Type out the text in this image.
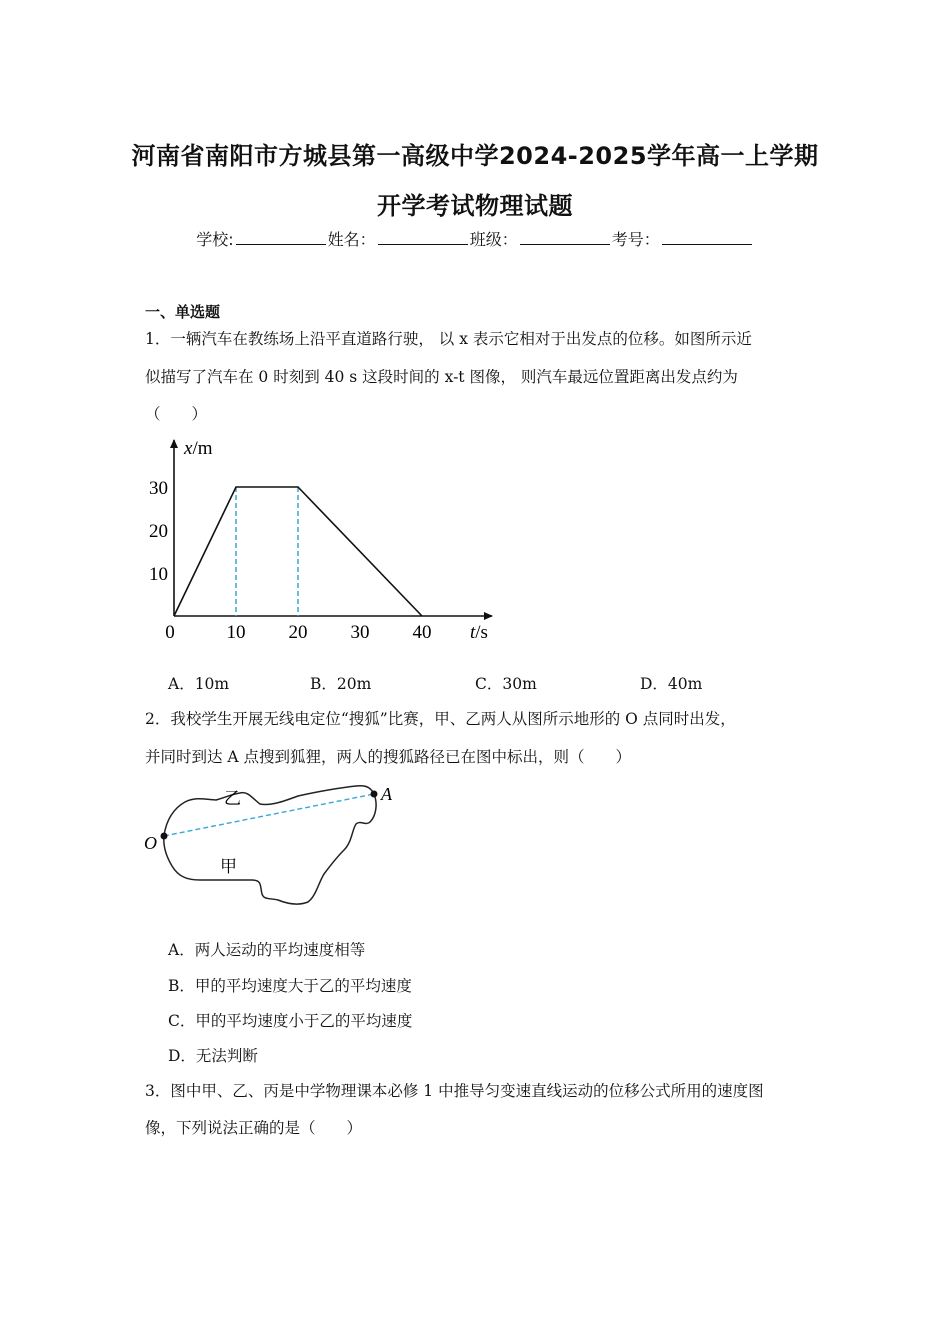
河南省南阳市方城县第一高级中学2024-2025学年高一上学期
开学考试物理试题
学校:	姓名：	班级：	考号：
一、单选题
1．一辆汽车在教练场上沿平直道路行驶， 以 x 表示它相对于出发点的位移。如图所示近
似描写了汽车在 0 时刻到 40 s 这段时间的 x-t 图像， 则汽车最远位置距离出发点约为
（　　）
10
20
30
0	10 20 30 40
x/m
t/s
A．10m	B．20m	C．30m	D．40m
2．我校学生开展无线电定位“搜狐”比赛，甲、乙两人从图所示地形的 O 点同时出发，
并同时到达 A 点搜到狐狸，两人的搜狐路径已在图中标出，则（　　）
O
A
乙
甲
A．两人运动的平均速度相等
B．甲的平均速度大于乙的平均速度
C．甲的平均速度小于乙的平均速度
D．无法判断
3．图中甲、乙、丙是中学物理课本必修 1 中推导匀变速直线运动的位移公式所用的速度图
像，下列说法正确的是（　　）
